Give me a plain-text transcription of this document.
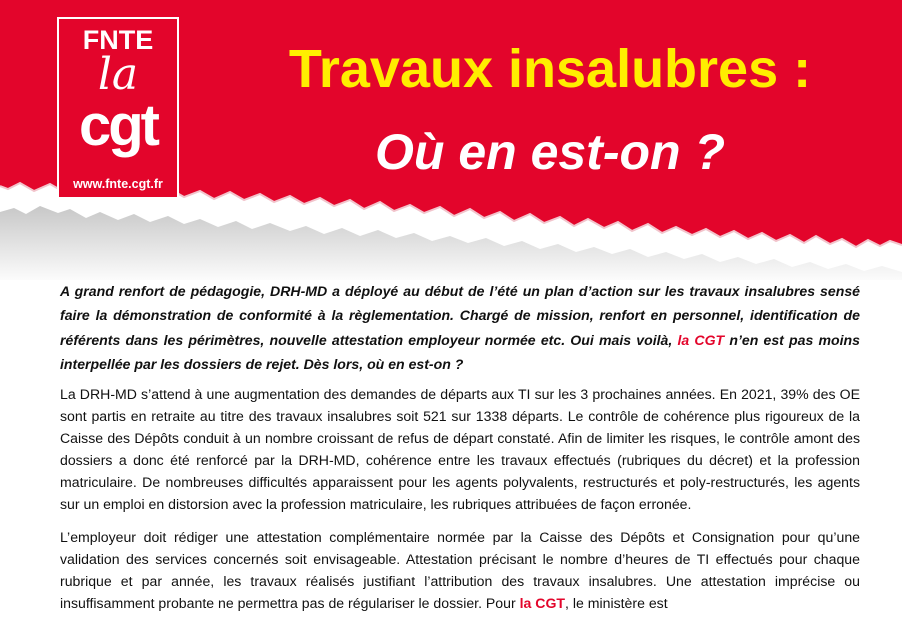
FNTE
la
cgt
www.fnte.cgt.fr
Travaux insalubres :
Où en est-on ?

A grand renfort de pédagogie, DRH-MD a déployé au début de l’été un plan d’action sur les travaux insalubres sensé faire la démonstration de conformité à la règlementation. Chargé de mission, renfort en personnel, identification de référents dans les périmètres, nouvelle attestation employeur normée etc. Oui mais voilà, la CGT n’en est pas moins interpellée par les dossiers de rejet. Dès lors, où en est-on ?

La DRH-MD s’attend à une augmentation des demandes de départs aux TI sur les 3 prochaines années. En 2021, 39% des OE sont partis en retraite au titre des travaux insalubres soit 521 sur 1338 départs. Le contrôle de cohérence plus rigoureux de la Caisse des Dépôts conduit à un nombre croissant de refus de départ constaté. Afin de limiter les risques, le contrôle amont des dossiers a donc été renforcé par la DRH-MD, cohérence entre les travaux effectués (rubriques du décret) et la profession matriculaire. De nombreuses difficultés apparaissent pour les agents polyvalents, restructurés et poly-restructurés, les agents sur un emploi en distorsion avec la profession matriculaire, les rubriques attribuées de façon erronée.

L’employeur doit rédiger une attestation complémentaire normée par la Caisse des Dépôts et Consignation pour qu’une validation des services concernés soit envisageable. Attestation précisant le nombre d’heures de TI effectués pour chaque rubrique et par année, les travaux réalisés justifiant l’attribution des travaux insalubres. Une attestation imprécise ou insuffisamment probante ne permettra pas de régulariser le dossier. Pour la CGT, le ministère est
